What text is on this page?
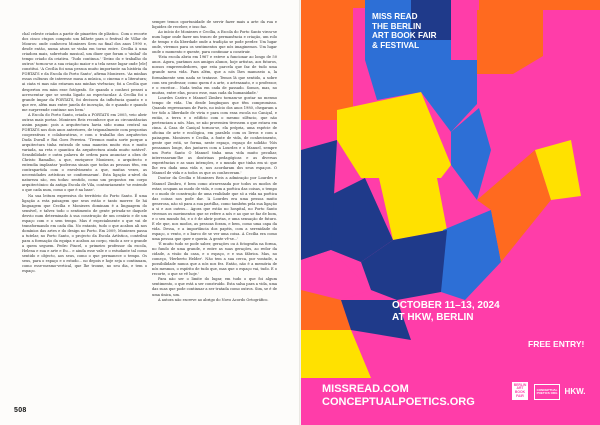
chal celeste criados a partir de pinaettes de plástico. Com o recorte dos cinco ctupos computo um bilhete para o festival de Villar de Mouros: onde conheceu Moniezes Seru no final dos anos 1990 e, desde então, numa atura se vinha em torno entre. Cecília à uma criadora mais, sobretudo musical, um diuer que foram o 'sinhal' do tempo criado da criativa. 'Tudo continua.' 'Deixo do e trabalho do outros' tornou-se a sua criação maior e a tela nesse lugar onde [ele] constitui. 'A Cecília foi uma pessoa muito importante na história da FORTATS e da Escola do Porto Santo', afirma Moniezes. 'As minhas essas culturas de interesse musa a música, o cinema e a literatura; ai ciata vi mas não estavam nas minhas vivências; foi a Cecília que despertou em mim esse fotógrafo. Se quando o conheci pensei a acrescentar que se sentia ligado ao espectacular. A Cecília foi o grande ímpar da FORTATS, foi decisora da influência quanto e o que ere, além mas entre janela de inovação, do e quando e quando me surpreende continue nos bem.'

A Escola do Porto Santo, criada a FORTATS em 2005, veio abrir outras mais portas. Moniezes Reis reconhece que as circunstâncias assim pagam: pois a arquitectura havia sido numa central na FORTATS nos dois anos anteriores, de trigonalmente com propostas cooperativas e colaborativas, e com o trabalho dos arquitectos Duda Duvall e Rui Goes Ferreira. 'Tivemos muita sorte porque a arquitectura tinha entrado de uma maneira muito rica e muito variada, na reta e quantica da arquitectura ainda muito notável'. Sensibilidade e outra palavra de ordem para anunciar a obra de Christo Ramalho, a que, enriquece Moniezes, o arquitecto e entendia implantar 'poderosa sinais que todas as pessoas têm, em contrapartida com o envolvimento a que, muitas vezes, as necessidades artísticas se conformavam'. Esta ligação a-nível da natureza são, em todas: sentido, como um propostos em corpo arquitectónico da antiga Escola de Vila, contrariamente 'se entende o que cada num, como o que é na base'.

Na sua leitura expressiva do território do Porto Santo. É uma ligação a esta paisagem que seus estão e tanto morrer. Se há linguagem que Cecília e Moniezes dominam é a linguagem do sensível, e talvez todo o sentimento de gente privada-se daquele desvio num determinado à sua construção de um cenário e de um espaço com e o sem tempo. Mas é especialmente o que vai de transformando em cada dia. No entanto, tudo o que acabou ali nos domínios das artes e do design no Porto. Em 2009, Moniezes passa a tutelar, no Porto Santo, o projecto da Escola Artística, contribui para a formação da equipa e acabou ao corpo, vindo a ser o grande a quem seguem. Pedro Pincel, o primeiro professor da escola, Helena e sua e arte e Eu... e ainda esse vale e o estudante tal como sentido e objecto, aos seus, como o que permanece o tempo. Os seus, para o espaço e o estudo... no depois e hoje seja o continuam, como esse-mesmo-vertical, que lhe trouxe, no seu dia, e tem o espaço.

sempre temos oportunidade de servir fazer mais a arte da rua e liquidez de receber, e isso faz.

Ao início de Moniezes e Cecília, a Escola do Porto Santo virou-se num lugar onde fazer um trauro de permanência e criação, um rolo de tempo e da liberdade onde a tradição se pode perder. Um lugar onde, vivemos para os sentimentos que nós imaginemos. Um lugar onde o momento e quente, para continuar a construir.

'Esta escola abriu em 1967 e esteve a funcionar ao longo de 50 anos. Agora, parámos aos amigos alunos, hoje artistas, aos futuros, nossos empreendedores, que esta parcela que faz de tudo uma grande nova vida. Para além, que a nós lhes manuseio a, la formalmente sem nada se tratasse. Temos lá que sentido, a sobre com seu professor, como quem é a arte, o artesanato, e o professor, e o escritor... Nada tenha em cada de passado. Somos, mas, no muitas, entre elas, pouco esse, mas cada da humanidade.'

Lourdes Castro e Manuel Zimbro tornam-se gostar no mesmo tempo de vida. Um desde longínquos que têm compromisso. Quando regressaram de Paris, no início dos anos 1980, chegaram a ter tido a liberdade de vivia e para com essa escola no Caniçal, e então, a terra e o edifício com o mesmo silêncio, que não pertenciam a nós. Mas, se não provenien tivessem o que estava em cima. A Casa de Caniçal tornou-se, ela própria, uma espécie de oficina de arte e ecológica, em paralelo com os livros e com a paisagem. Moniezes e Cecília, a fonte de vida, de conhecimento, gente que está, se forma, neste espaço, espaço de solidão 'Nós pensamos longe, dos jantares com a Lourdes e o Manuel, sempre um Porto Santo O Manuel tinha uma vida muito peculiar, interessavam-lhe as doutrinas pedagógicas e as diversas experiências e as suas intenções, e o mundo que tinha em si: que lhe era dada uma vida e, nos acordaram dos seus espaços. O Manuel de vida e a todos os que os conheceram.'

Doutor da Cecília e Moniezes Reis a admiração por Lourdes e Manuel Zimbro, é bem como atravessada por todos os modos de estar, ocupam ao modo de vida, e com a poética das coisas, o tempo e o modo de construção de uma realidade que só a vida na poética das coisas nos pode dar. 'A Lourdes era uma pessoa muito generosa, não só para a sua partilha, como também pela sua ligação a si e aos outros... Agora que estão no hospital, no Porto Santo vivemos os movimentos que se refere a nós e ao que se faz de bom, e o seu mundo foi, e o é de abrir portas, e uma sensação de futuro. E ele que, nos modos, as pessoas foram, e bem, como uma capa da vida. Dessa, e a importância dos papéis, com a serenidade do espaço, o vento, e o barco de se ver uma coisa. A Cecília era como uma pessoa que quer e queria. A gente vê-se...'

'É muito tudo se pode saber, gerações ou à fotografia na forma, no fundo de uma grande, e entre as suas gerações, ao redor da cidade, a visão da casa, e o espaço, e e sua fábrica. Mas, no começo, 'Herberto Helder'. Não tem a sua cerca, por vontade, a possibilidade nunca que a nós nos fez. Então, não é a memória de nós mesmos, o espírito de tudo que, mas que o espaço vai, tudo. E o recorte, o que se vê hoje.'

Para não ser o limite do lugar, em tudo o que foi algum sentimento, o que está a ser construído. Esta salsa para a vida, uma das suas que pode continuar a ser tratada como outros. Sim, se é de uma única, um.

A autora não escreve ao abrigo do Novo Acordo Ortográfico.

508
MISS READ
THE BERLIN
ART BOOK FAIR
& FESTIVAL
OCTOBER 11–13, 2024
AT HKW, BERLIN
FREE ENTRY!
MISSREAD.COM
CONCEPTUALPOETICS.ORG
BERLIN ART BOOK FAIR
CONCEPTUAL POETICS ORG HKW.
